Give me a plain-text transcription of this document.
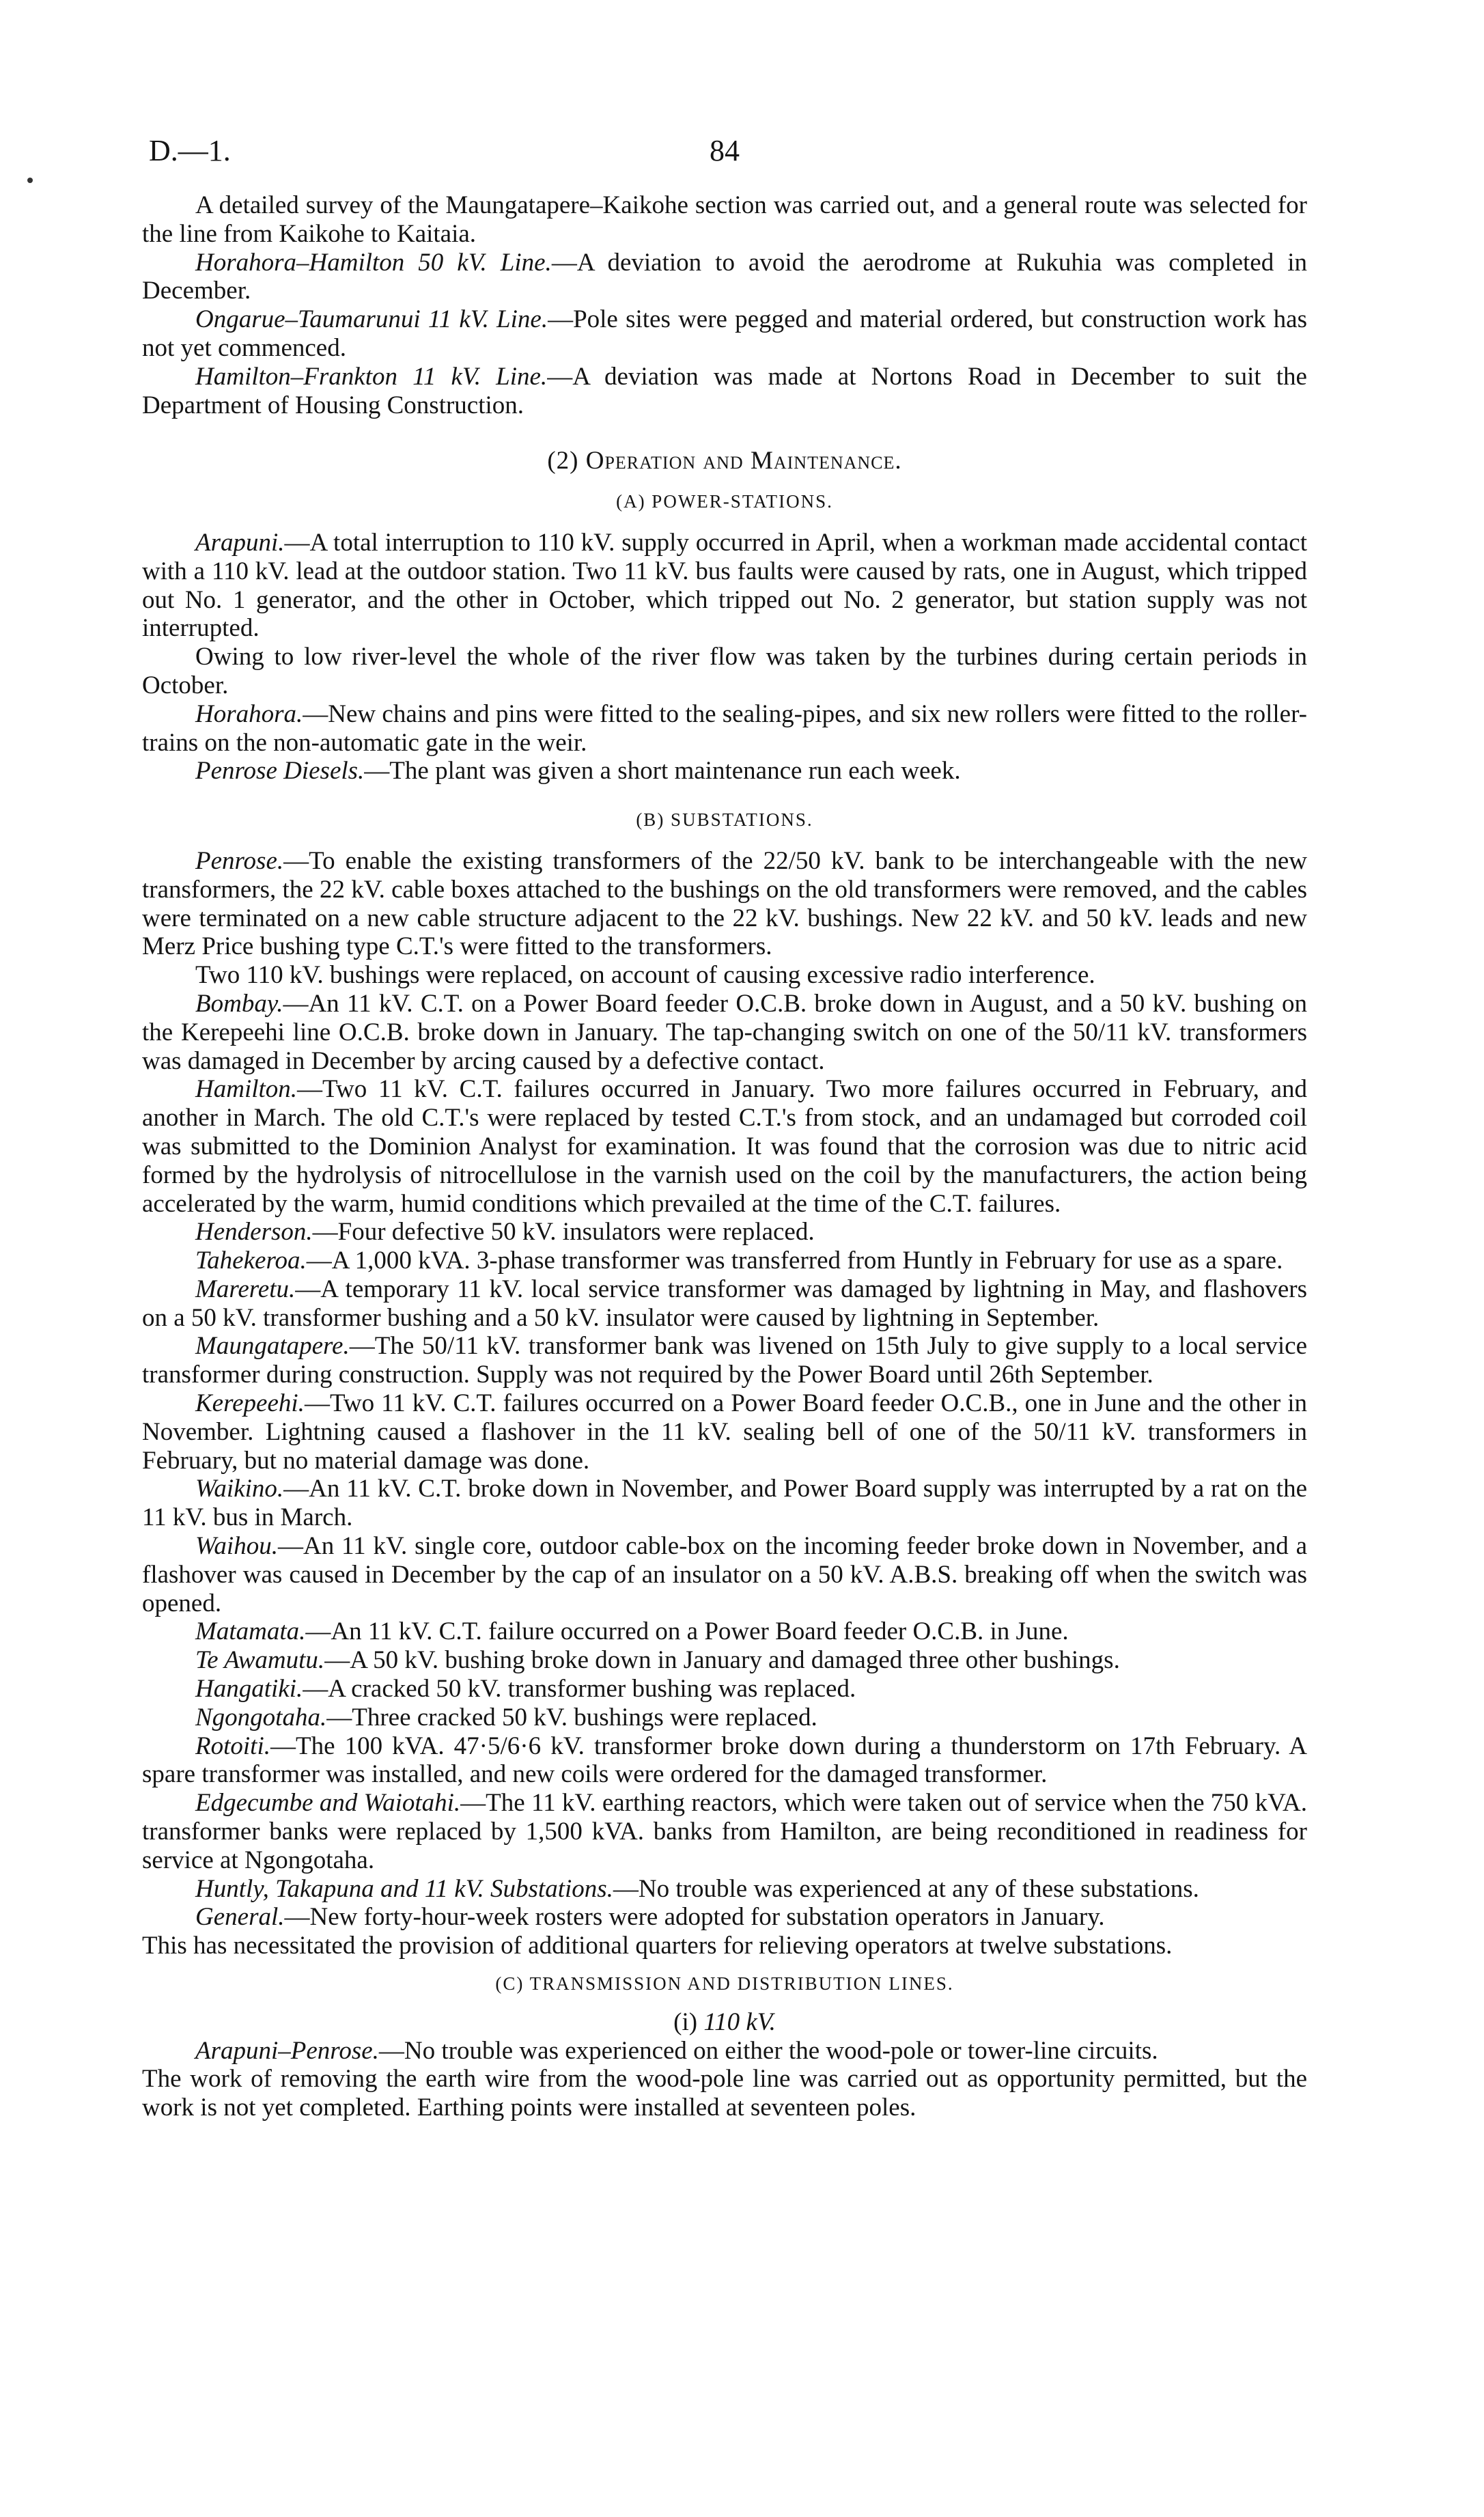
D.—1.	84

A detailed survey of the Maungatapere–Kaikohe section was carried out, and a general route was selected for the line from Kaikohe to Kaitaia.

Horahora–Hamilton 50 kV. Line.—A deviation to avoid the aerodrome at Rukuhia was completed in December.

Ongarue–Taumarunui 11 kV. Line.—Pole sites were pegged and material ordered, but construction work has not yet commenced.

Hamilton–Frankton 11 kV. Line.—A deviation was made at Nortons Road in December to suit the Department of Housing Construction.

(2) Operation and Maintenance.
(A) POWER-STATIONS.

Arapuni.—A total interruption to 110 kV. supply occurred in April, when a workman made accidental contact with a 110 kV. lead at the outdoor station. Two 11 kV. bus faults were caused by rats, one in August, which tripped out No. 1 generator, and the other in October, which tripped out No. 2 generator, but station supply was not interrupted.

Owing to low river-level the whole of the river flow was taken by the turbines during certain periods in October.

Horahora.—New chains and pins were fitted to the sealing-pipes, and six new rollers were fitted to the roller-trains on the non-automatic gate in the weir.

Penrose Diesels.—The plant was given a short maintenance run each week.

(B) SUBSTATIONS.

Penrose.—To enable the existing transformers of the 22/50 kV. bank to be interchangeable with the new transformers, the 22 kV. cable boxes attached to the bushings on the old transformers were removed, and the cables were terminated on a new cable structure adjacent to the 22 kV. bushings. New 22 kV. and 50 kV. leads and new Merz Price bushing type C.T.'s were fitted to the transformers.

Two 110 kV. bushings were replaced, on account of causing excessive radio interference.

Bombay.—An 11 kV. C.T. on a Power Board feeder O.C.B. broke down in August, and a 50 kV. bushing on the Kerepeehi line O.C.B. broke down in January. The tap-changing switch on one of the 50/11 kV. transformers was damaged in December by arcing caused by a defective contact.

Hamilton.—Two 11 kV. C.T. failures occurred in January. Two more failures occurred in February, and another in March. The old C.T.'s were replaced by tested C.T.'s from stock, and an undamaged but corroded coil was submitted to the Dominion Analyst for examination. It was found that the corrosion was due to nitric acid formed by the hydrolysis of nitrocellulose in the varnish used on the coil by the manufacturers, the action being accelerated by the warm, humid conditions which prevailed at the time of the C.T. failures.

Henderson.—Four defective 50 kV. insulators were replaced.

Tahekeroa.—A 1,000 kVA. 3-phase transformer was transferred from Huntly in February for use as a spare.

Mareretu.—A temporary 11 kV. local service transformer was damaged by lightning in May, and flashovers on a 50 kV. transformer bushing and a 50 kV. insulator were caused by lightning in September.

Maungatapere.—The 50/11 kV. transformer bank was livened on 15th July to give supply to a local service transformer during construction. Supply was not required by the Power Board until 26th September.

Kerepeehi.—Two 11 kV. C.T. failures occurred on a Power Board feeder O.C.B., one in June and the other in November. Lightning caused a flashover in the 11 kV. sealing bell of one of the 50/11 kV. transformers in February, but no material damage was done.

Waikino.—An 11 kV. C.T. broke down in November, and Power Board supply was interrupted by a rat on the 11 kV. bus in March.

Waihou.—An 11 kV. single core, outdoor cable-box on the incoming feeder broke down in November, and a flashover was caused in December by the cap of an insulator on a 50 kV. A.B.S. breaking off when the switch was opened.

Matamata.—An 11 kV. C.T. failure occurred on a Power Board feeder O.C.B. in June.

Te Awamutu.—A 50 kV. bushing broke down in January and damaged three other bushings.

Hangatiki.—A cracked 50 kV. transformer bushing was replaced.

Ngongotaha.—Three cracked 50 kV. bushings were replaced.

Rotoiti.—The 100 kVA. 47·5/6·6 kV. transformer broke down during a thunderstorm on 17th February. A spare transformer was installed, and new coils were ordered for the damaged transformer.

Edgecumbe and Waiotahi.—The 11 kV. earthing reactors, which were taken out of service when the 750 kVA. transformer banks were replaced by 1,500 kVA. banks from Hamilton, are being reconditioned in readiness for service at Ngongotaha.

Huntly, Takapuna and 11 kV. Substations.—No trouble was experienced at any of these substations.

General.—New forty-hour-week rosters were adopted for substation operators in January.

This has necessitated the provision of additional quarters for relieving operators at twelve substations.

(C) TRANSMISSION AND DISTRIBUTION LINES.
(i) 110 kV.

Arapuni–Penrose.—No trouble was experienced on either the wood-pole or tower-line circuits.

The work of removing the earth wire from the wood-pole line was carried out as opportunity permitted, but the work is not yet completed. Earthing points were installed at seventeen poles.
